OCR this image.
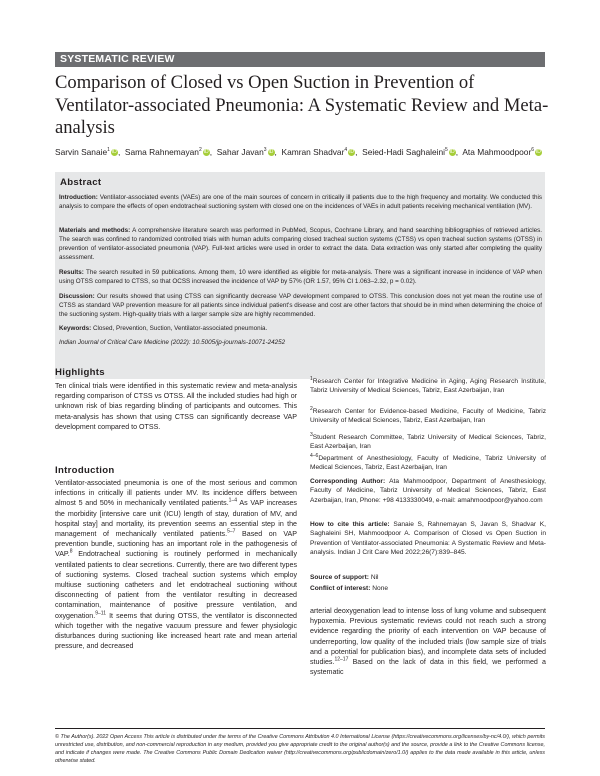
SYSTEMATIC REVIEW
Comparison of Closed vs Open Suction in Prevention of Ventilator-associated Pneumonia: A Systematic Review and Meta-analysis
Sarvin Sanaie$^1$ iD,  Sama Rahnemayan$^2$ iD,  Sahar Javan$^3$ iD,  Kamran Shadvar$^4$ iD,  Seied-Hadi Saghaleini$^5$ iD,  Ata Mahmoodpoor$^6$ iD
Abstract

Introduction: Ventilator-associated events (VAEs) are one of the main sources of concern in critically ill patients due to the high frequency and mortality. We conducted this analysis to compare the effects of open endotracheal suctioning system with closed one on the incidences of VAEs in adult patients receiving mechanical ventilation (MV).

Materials and methods: A comprehensive literature search was performed in PubMed, Scopus, Cochrane Library, and hand searching bibliographies of retrieved articles. The search was confined to randomized controlled trials with human adults comparing closed tracheal suction systems (CTSS) vs open tracheal suction systems (OTSS) in prevention of ventilator-associated pneumonia (VAP). Full-text articles were used in order to extract the data. Data extraction was only started after completing the quality assessment.

Results: The search resulted in 59 publications. Among them, 10 were identified as eligible for meta-analysis. There was a significant increase in incidence of VAP when using OTSS compared to CTSS, so that OCSS increased the incidence of VAP by 57% (OR 1.57, 95% CI 1.063–2.32, p = 0.02).

Discussion: Our results showed that using CTSS can significantly decrease VAP development compared to OTSS. This conclusion does not yet mean the routine use of CTSS as standard VAP prevention measure for all patients since individual patient's disease and cost are other factors that should be in mind when determining the choice of the suctioning system. High-quality trials with a larger sample size are highly recommended.

Keywords: Closed, Prevention, Suction, Ventilator-associated pneumonia.

Indian Journal of Critical Care Medicine (2022): 10.5005/jp-journals-10071-24252

Highlights

Ten clinical trials were identified in this systematic review and meta-analysis regarding comparison of CTSS vs OTSS. All the included studies had high or unknown risk of bias regarding blinding of participants and outcomes. This meta-analysis has shown that using CTSS can significantly decrease VAP development compared to OTSS.

Introduction

Ventilator-associated pneumonia is one of the most serious and common infections in critically ill patients under MV. Its incidence differs between almost 5 and 50% in mechanically ventilated patients.$^{1-4}$ As VAP increases the morbidity [intensive care unit (ICU) length of stay, duration of MV, and hospital stay] and mortality, its prevention seems an essential step in the management of mechanically ventilated patients.$^{5-7}$ Based on VAP prevention bundle, suctioning has an important role in the pathogenesis of VAP.$^8$ Endotracheal suctioning is routinely performed in mechanically ventilated patients to clear secretions. Currently, there are two different types of suctioning systems. Closed tracheal suction systems which employ multiuse suctioning catheters and let endotracheal suctioning without disconnecting of patient from the ventilator resulting in decreased contamination, maintenance of positive pressure ventilation, and oxygenation.$^{9-11}$ It seems that during OTSS, the ventilator is disconnected which together with the negative vacuum pressure and fewer physiologic disturbances during suctioning like increased heart rate and mean arterial pressure, and decreased

$^1$Research Center for Integrative Medicine in Aging, Aging Research Institute, Tabriz University of Medical Sciences, Tabriz, East Azerbaijan, Iran

$^2$Research Center for Evidence-based Medicine, Faculty of Medicine, Tabriz University of Medical Sciences, Tabriz, East Azerbaijan, Iran

$^3$Student Research Committee, Tabriz University of Medical Sciences, Tabriz, East Azerbaijan, Iran

$^{4-6}$Department of Anesthesiology, Faculty of Medicine, Tabriz University of Medical Sciences, Tabriz, East Azerbaijan, Iran

Corresponding Author: Ata Mahmoodpoor, Department of Anesthesiology, Faculty of Medicine, Tabriz University of Medical Sciences, Tabriz, East Azerbaijan, Iran, Phone: +98 4133330049, e-mail: amahmoodpoor@yahoo.com

How to cite this article: Sanaie S, Rahnemayan S, Javan S, Shadvar K, Saghaleini SH, Mahmoodpoor A. Comparison of Closed vs Open Suction in Prevention of Ventilator-associated Pneumonia: A Systematic Review and Meta-analysis. Indian J Crit Care Med 2022;26(7):839–845.

Source of support: Nil

Conflict of interest: None

arterial deoxygenation lead to intense loss of lung volume and subsequent hypoxemia. Previous systematic reviews could not reach such a strong evidence regarding the priority of each intervention on VAP because of underreporting, low quality of the included trials (low sample size of trials and a potential for publication bias), and incomplete data sets of included studies.$^{12-17}$ Based on the lack of data in this field, we performed a systematic

© The Author(s). 2022 Open Access This article is distributed under the terms of the Creative Commons Attribution 4.0 International License (https://creativecommons.org/licenses/by-nc/4.0/), which permits unrestricted use, distribution, and non-commercial reproduction in any medium, provided you give appropriate credit to the original author(s) and the source, provide a link to the Creative Commons license, and indicate if changes were made. The Creative Commons Public Domain Dedication waiver (http://creativecommons.org/publicdomain/zero/1.0/) applies to the data made available in this article, unless otherwise stated.
